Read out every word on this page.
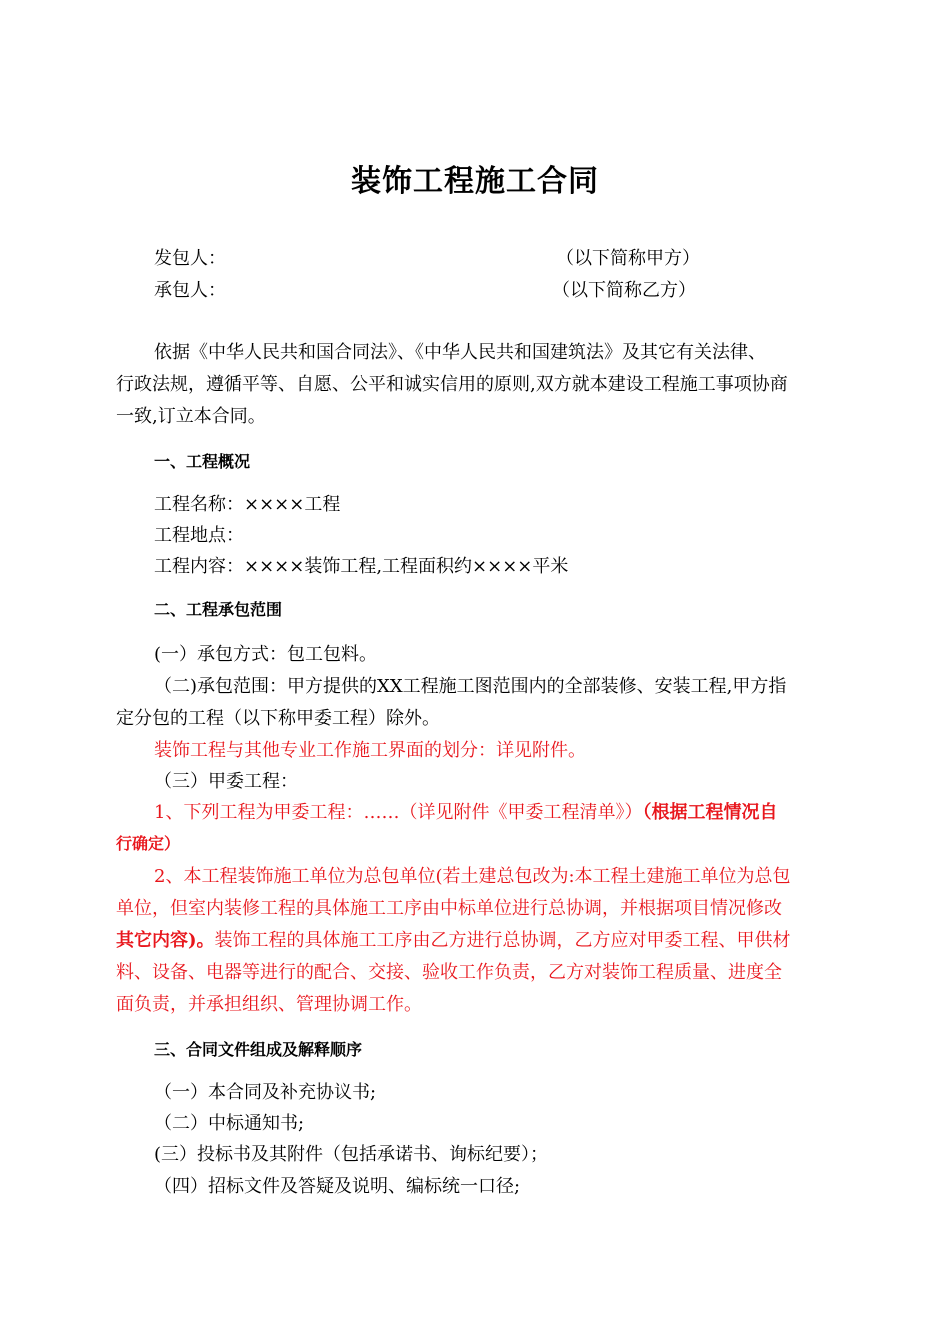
装饰工程施工合同
发包人：	（以下简称甲方）
承包人：	（以下简称乙方）
依据《中华人民共和国合同法》、《中华人民共和国建筑法》及其它有关法律、
行政法规，遵循平等、自愿、公平和诚实信用的原则,双方就本建设工程施工事项协商
一致,订立本合同。
一、工程概况
工程名称：××××工程
工程地点：
工程内容：××××装饰工程,工程面积约××××平米
二、工程承包范围
(一）承包方式：包工包料。
（二)承包范围：甲方提供的XX工程施工图范围内的全部装修、安装工程,甲方指
定分包的工程（以下称甲委工程）除外。
装饰工程与其他专业工作施工界面的划分：详见附件。
（三）甲委工程：
1、下列工程为甲委工程：……（详见附件《甲委工程清单》）（根据工程情况自
行确定）
2、本工程装饰施工单位为总包单位(若土建总包改为:本工程土建施工单位为总包
单位，但室内装修工程的具体施工工序由中标单位进行总协调，并根据项目情况修改
其它内容)。装饰工程的具体施工工序由乙方进行总协调，乙方应对甲委工程、甲供材
料、设备、电器等进行的配合、交接、验收工作负责，乙方对装饰工程质量、进度全
面负责，并承担组织、管理协调工作。
三、合同文件组成及解释顺序
（一）本合同及补充协议书;
（二）中标通知书;
(三）投标书及其附件（包括承诺书、询标纪要）；
（四）招标文件及答疑及说明、编标统一口径;
